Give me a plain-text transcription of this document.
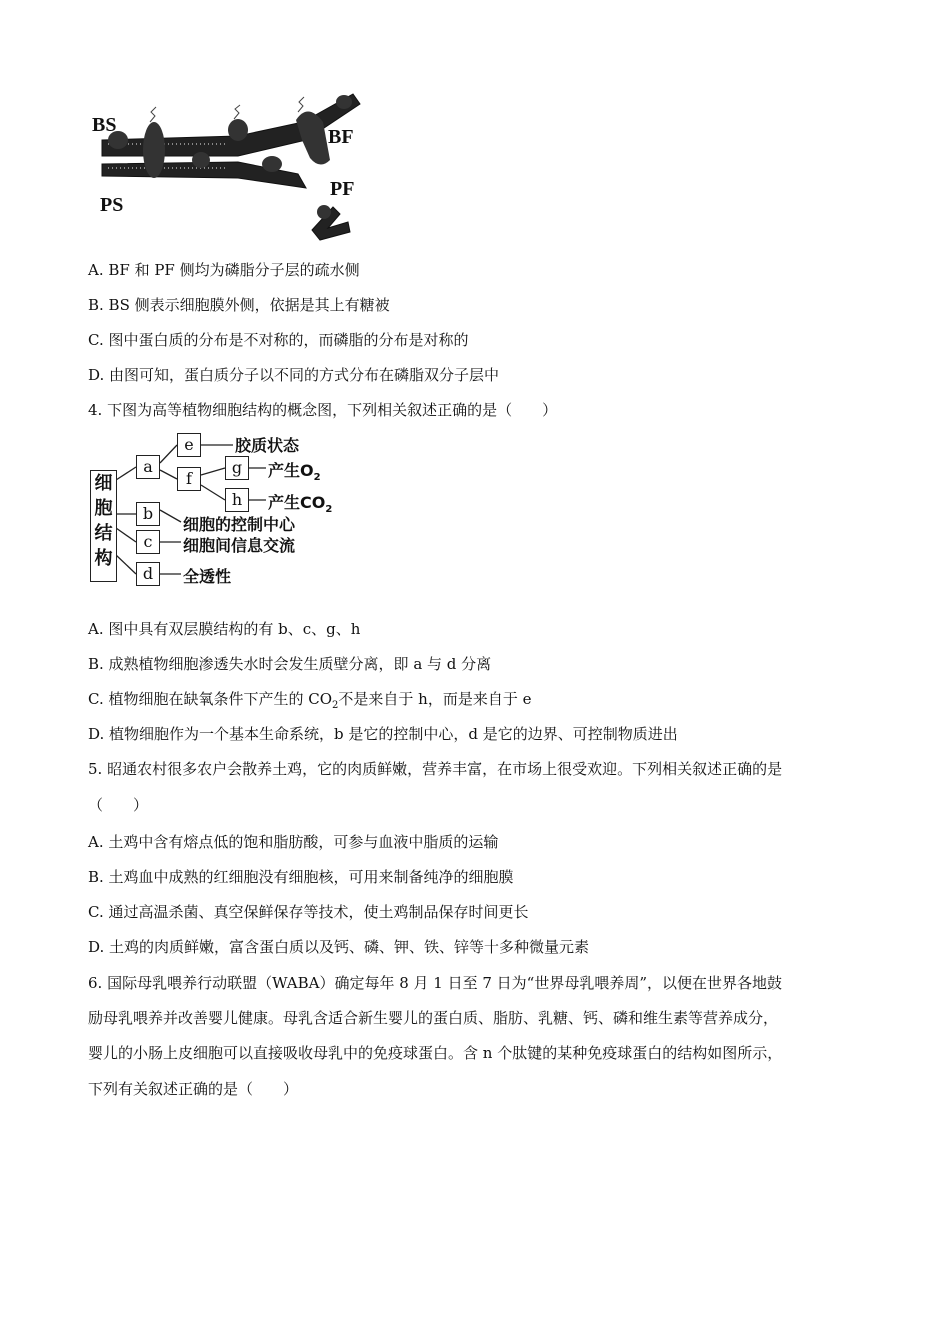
BS
BF
PS
PF
A. BF 和 PF 侧均为磷脂分子层的疏水侧
B. BS 侧表示细胞膜外侧，依据是其上有糖被
C. 图中蛋白质的分布是不对称的，而磷脂的分布是对称的
D. 由图可知，蛋白质分子以不同的方式分布在磷脂双分子层中
4. 下图为高等植物细胞结构的概念图，下列相关叙述正确的是（　　）
细胞结构
a
e
f
g
h
b
c
d
胶质状态
产生$O_2$
产生$CO_2$
细胞的控制中心
细胞间信息交流
全透性
A. 图中具有双层膜结构的有 b、c、g、h
B. 成熟植物细胞渗透失水时会发生质壁分离，即 a 与 d 分离
C. 植物细胞在缺氧条件下产生的 $CO_2$不是来自于 h，而是来自于 e
D. 植物细胞作为一个基本生命系统，b 是它的控制中心，d 是它的边界、可控制物质进出
5. 昭通农村很多农户会散养土鸡，它的肉质鲜嫩，营养丰富，在市场上很受欢迎。下列相关叙述正确的是
（　　）
A. 土鸡中含有熔点低的饱和脂肪酸，可参与血液中脂质的运输
B. 土鸡血中成熟的红细胞没有细胞核，可用来制备纯净的细胞膜
C. 通过高温杀菌、真空保鲜保存等技术，使土鸡制品保存时间更长
D. 土鸡的肉质鲜嫩，富含蛋白质以及钙、磷、钾、铁、锌等十多种微量元素
6. 国际母乳喂养行动联盟（WABA）确定每年 8 月 1 日至 7 日为“世界母乳喂养周”，以便在世界各地鼓
励母乳喂养并改善婴儿健康。母乳含适合新生婴儿的蛋白质、脂肪、乳糖、钙、磷和维生素等营养成分，
婴儿的小肠上皮细胞可以直接吸收母乳中的免疫球蛋白。含 n 个肽键的某种免疫球蛋白的结构如图所示，
下列有关叙述正确的是（　　）
